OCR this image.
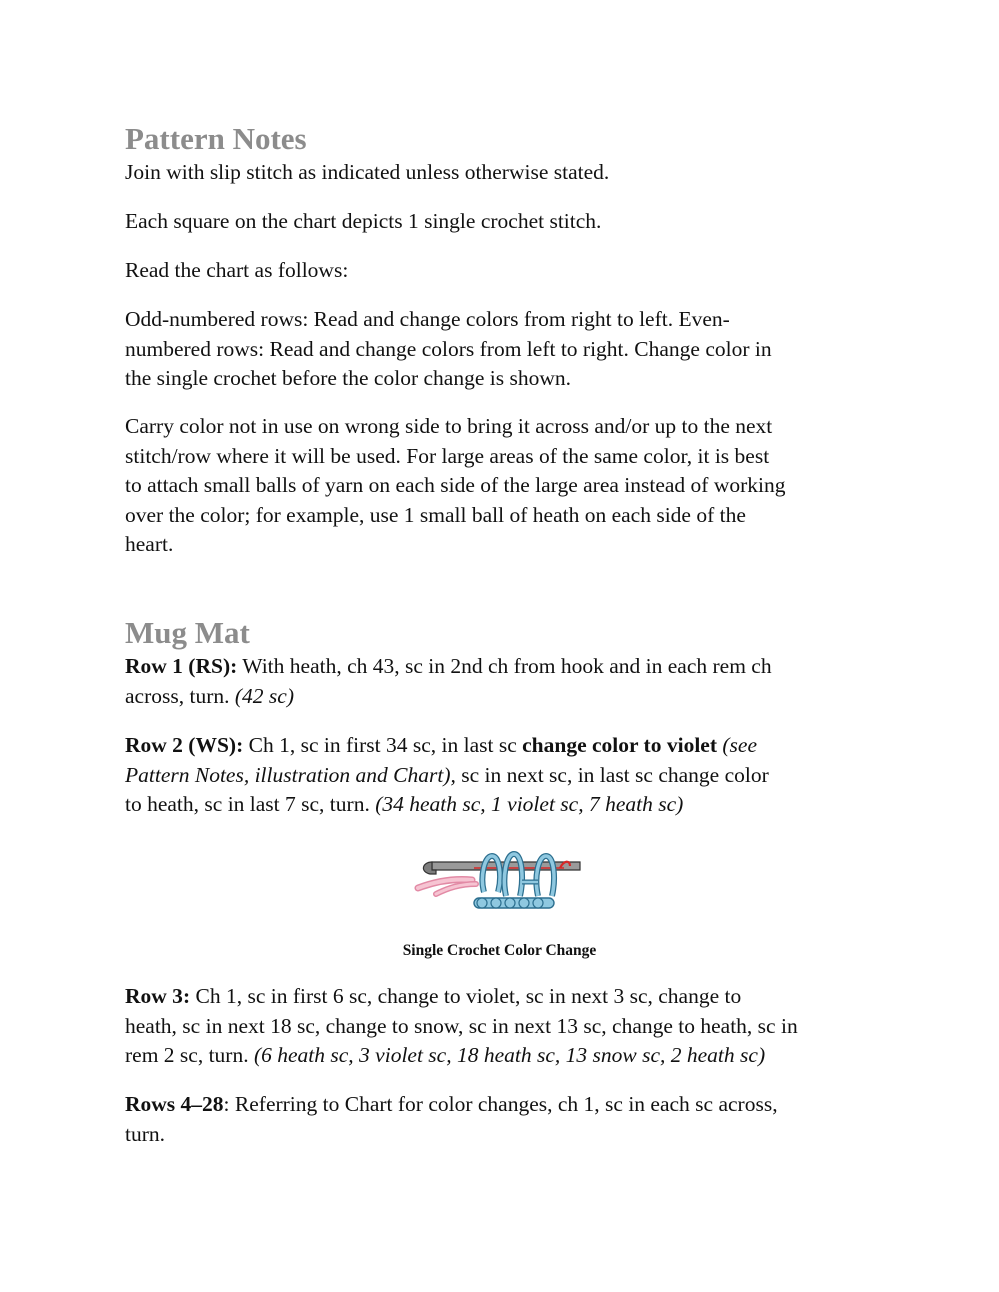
Pattern Notes

Join with slip stitch as indicated unless otherwise stated.

Each square on the chart depicts 1 single crochet stitch.

Read the chart as follows:

Odd-numbered rows: Read and change colors from right to left. Even-
numbered rows: Read and change colors from left to right. Change color in
the single crochet before the color change is shown.
Carry color not in use on wrong side to bring it across and/or up to the next
stitch/row where it will be used. For large areas of the same color, it is best
to attach small balls of yarn on each side of the large area instead of working
over the color; for example, use 1 small ball of heath on each side of the
heart.
Mug Mat
Row 1 (RS): With heath, ch 43, sc in 2nd ch from hook and in each rem ch
across, turn. (42 sc)
Row 2 (WS): Ch 1, sc in first 34 sc, in last sc change color to violet (see
Pattern Notes, illustration and Chart), sc in next sc, in last sc change color
to heath, sc in last 7 sc, turn. (34 heath sc, 1 violet sc, 7 heath sc)
Single Crochet Color Change
Row 3: Ch 1, sc in first 6 sc, change to violet, sc in next 3 sc, change to
heath, sc in next 18 sc, change to snow, sc in next 13 sc, change to heath, sc in
rem 2 sc, turn. (6 heath sc, 3 violet sc, 18 heath sc, 13 snow sc, 2 heath sc)
Rows 4–28: Referring to Chart for color changes, ch 1, sc in each sc across,
turn.
